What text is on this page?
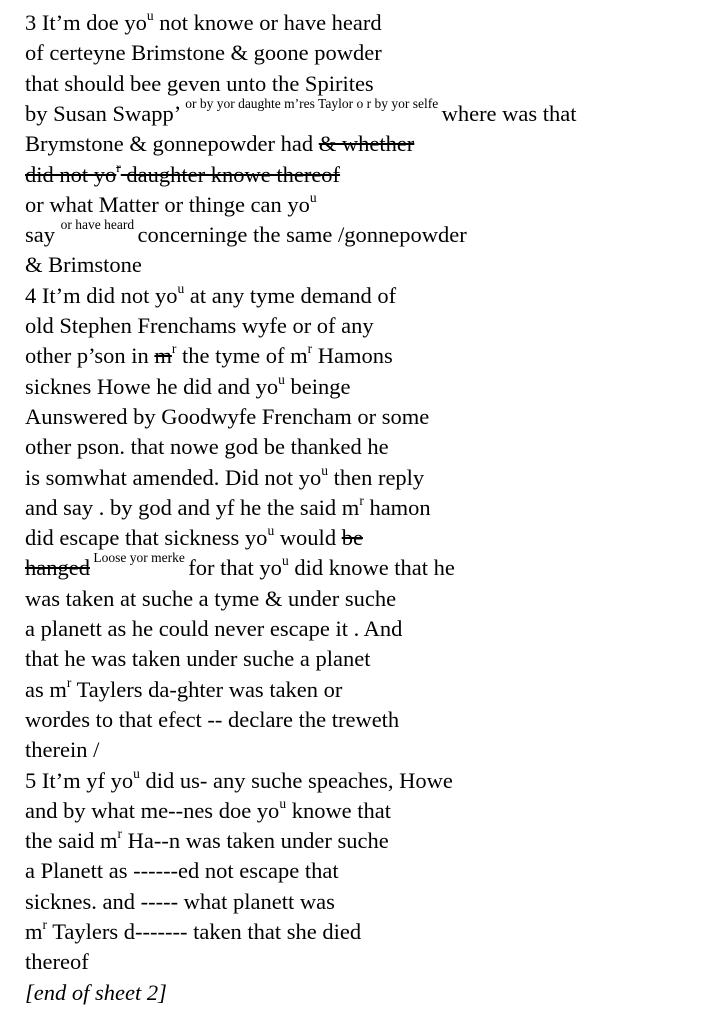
3 It’m doe $yo^u$ not knowe or have heard
of certeyne Brimstone & goone powder
that should bee geven unto the Spirites
by Susan Swapp’ $^{or by yor daughte m’res Taylor o r by yor selfe}$ where was that
Brymstone & gonnepowder had & whether
did not $yo^r$ daughter knowe thereof
or what Matter or thinge can $yo^u$
say $^{or have heard}$ concerninge the same /gonnepowder
& Brimstone
4 It’m did not $yo^u$ at any tyme demand of
old Stephen Frenchams wyfe or of any
other p’son in $m^r$ the tyme of $m^r$ Hamons
sicknes Howe he did and $yo^u$ beinge
Aunswered by Goodwyfe Frencham or some
other pson. that nowe god be thanked he
is somwhat amended. Did not $yo^u$ then reply
and say . by god and yf he the said $m^r$ hamon
did escape that sickness $yo^u$ would be
hanged $^{Loose yor merke}$ for that $yo^u$ did knowe that he
was taken at suche a tyme & under suche
a planett as he could never escape it . And
that he was taken under suche a planet
as $m^r$ Taylers da-ghter was taken or
wordes to that efect -- declare the treweth
therein /
5 It’m yf $yo^u$ did us- any suche speaches, Howe
and by what me--nes doe $yo^u$ knowe that
the said $m^r$ Ha--n was taken under suche
a Planett as ------ed not escape that
sicknes. and ----- what planett was
$m^r$ Taylers d------- taken that she died
thereof
[end of sheet 2]
